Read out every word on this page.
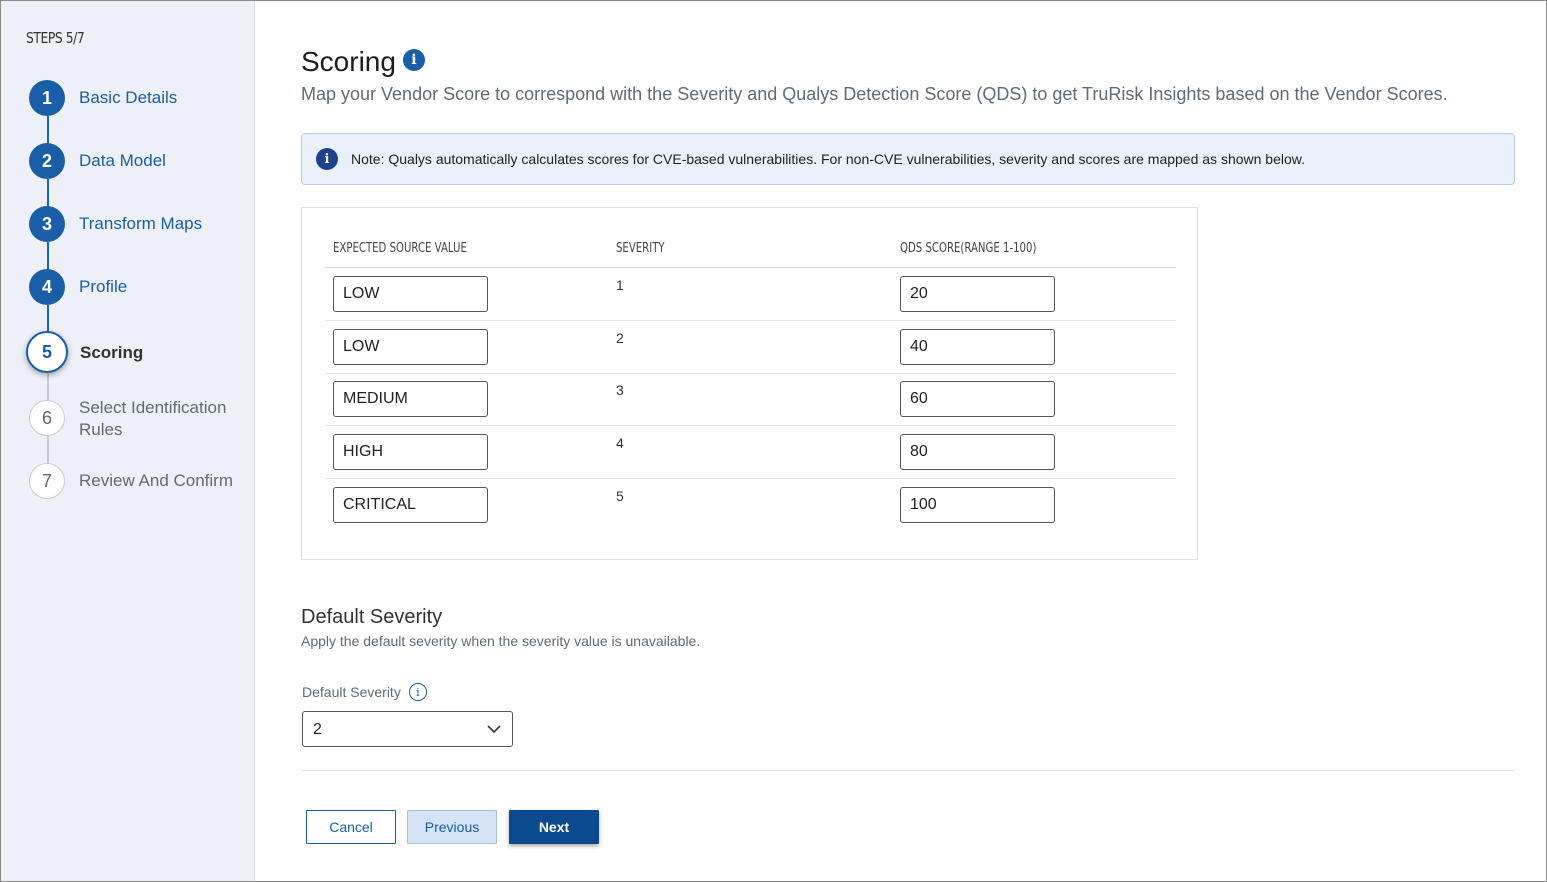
STEPS 5/7
1	Basic Details
2	Data Model
3	Transform Maps
4	Profile
5	Scoring
6	Select Identification
Rules
7	Review And Confirm
Scoring	i
Map your Vendor Score to correspond with the Severity and Qualys Detection Score (QDS) to get TruRisk Insights based on the Vendor Scores.
i	Note: Qualys automatically calculates scores for CVE-based vulnerabilities. For non-CVE vulnerabilities, severity and scores are mapped as shown below.
EXPECTED SOURCE VALUE	SEVERITY	QDS SCORE(RANGE 1-100)
LOW	1	20
LOW	2	40
MEDIUM	3	60
HIGH	4	80
CRITICAL	5	100
Default Severity
Apply the default severity when the severity value is unavailable.
Default Severity	i
2
Cancel	Previous	Next
